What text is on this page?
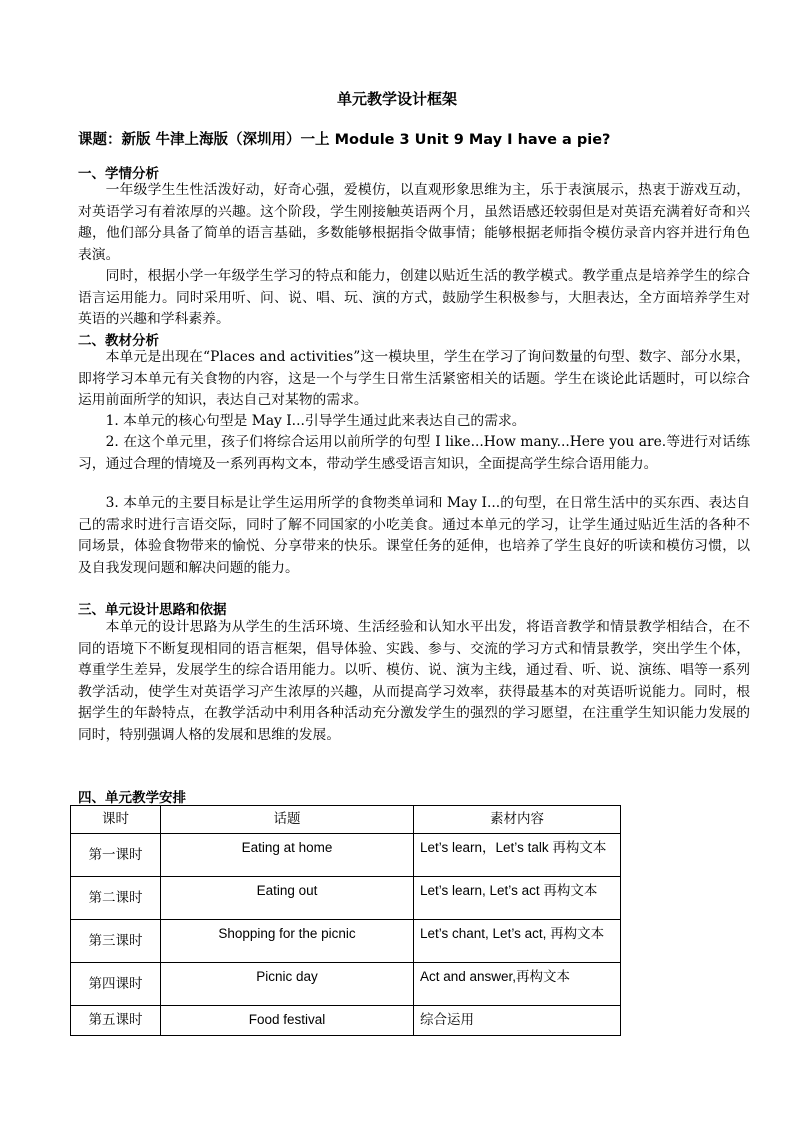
单元教学设计框架
课题：新版 牛津上海版（深圳用）一上 Module 3 Unit 9 May I have a pie?
一、学情分析

一年级学生生性活泼好动，好奇心强，爱模仿，以直观形象思维为主，乐于表演展示，热衷于游戏互动，对英语学习有着浓厚的兴趣。这个阶段，学生刚接触英语两个月，虽然语感还较弱但是对英语充满着好奇和兴趣，他们部分具备了简单的语言基础，多数能够根据指令做事情；能够根据老师指令模仿录音内容并进行角色表演。

同时，根据小学一年级学生学习的特点和能力，创建以贴近生活的教学模式。教学重点是培养学生的综合语言运用能力。同时采用听、问、说、唱、玩、演的方式，鼓励学生积极参与，大胆表达，全方面培养学生对英语的兴趣和学科素养。

二、教材分析

本单元是出现在“Places and activities”这一模块里，学生在学习了询问数量的句型、数字、部分水果，即将学习本单元有关食物的内容，这是一个与学生日常生活紧密相关的话题。学生在谈论此话题时，可以综合运用前面所学的知识，表达自己对某物的需求。

1. 本单元的核心句型是 May I...引导学生通过此来表达自己的需求。

2. 在这个单元里，孩子们将综合运用以前所学的句型 I like...How many...Here you are.等进行对话练习，通过合理的情境及一系列再构文本，带动学生感受语言知识，全面提高学生综合语用能力。

3. 本单元的主要目标是让学生运用所学的食物类单词和 May I...的句型，在日常生活中的买东西、表达自己的需求时进行言语交际，同时了解不同国家的小吃美食。通过本单元的学习，让学生通过贴近生活的各种不同场景，体验食物带来的愉悦、分享带来的快乐。课堂任务的延伸，也培养了学生良好的听读和模仿习惯，以及自我发现问题和解决问题的能力。

三、单元设计思路和依据

本单元的设计思路为从学生的生活环境、生活经验和认知水平出发，将语音教学和情景教学相结合，在不同的语境下不断复现相同的语言框架，倡导体验、实践、参与、交流的学习方式和情景教学，突出学生个体，尊重学生差异，发展学生的综合语用能力。以听、模仿、说、演为主线，通过看、听、说、演练、唱等一系列教学活动，使学生对英语学习产生浓厚的兴趣，从而提高学习效率，获得最基本的对英语听说能力。同时，根据学生的年龄特点，在教学活动中利用各种活动充分激发学生的强烈的学习愿望，在注重学生知识能力发展的同时，特别强调人格的发展和思维的发展。

四、单元教学安排
课时	话题	素材内容
第一课时	Eating at home	Let’s learn，Let’s talk 再构文本
第二课时	Eating out	Let’s learn, Let’s act 再构文本
第三课时	Shopping for the picnic	Let’s chant, Let’s act, 再构文本
第四课时	Picnic day	Act and answer,再构文本
第五课时	Food festival	综合运用
